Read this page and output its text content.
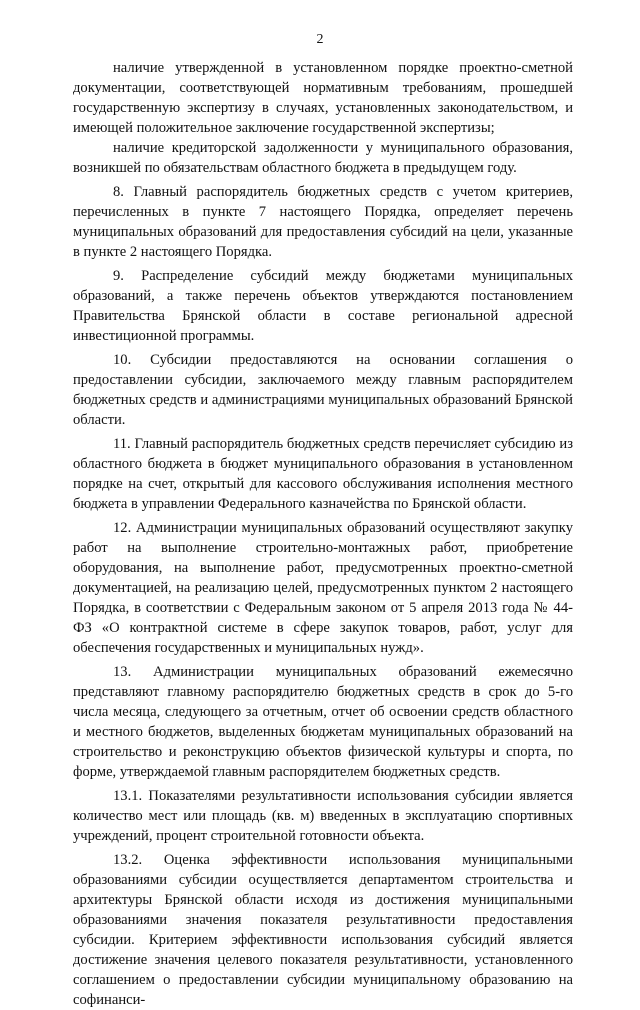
2

наличие утвержденной в установленном порядке проектно-сметной документации, соответствующей нормативным требованиям, прошедшей государственную экспертизу в случаях, установленных законодательством, и имеющей положительное заключение государственной экспертизы;

наличие кредиторской задолженности у муниципального образования, возникшей по обязательствам областного бюджета в предыдущем году.

8. Главный распорядитель бюджетных средств с учетом критериев, перечисленных в пункте 7 настоящего Порядка, определяет перечень муниципальных образований для предоставления субсидий на цели, указанные в пункте 2 настоящего Порядка.

9. Распределение субсидий между бюджетами муниципальных образований, а также перечень объектов утверждаются постановлением Правительства Брянской области в составе региональной адресной инвестиционной программы.

10. Субсидии предоставляются на основании соглашения о предоставлении субсидии, заключаемого между главным распорядителем бюджетных средств и администрациями муниципальных образований Брянской области.

11. Главный распорядитель бюджетных средств перечисляет субсидию из областного бюджета в бюджет муниципального образования в установленном порядке на счет, открытый для кассового обслуживания исполнения местного бюджета в управлении Федерального казначейства по Брянской области.

12. Администрации муниципальных образований осуществляют закупку работ на выполнение строительно-монтажных работ, приобретение оборудования, на выполнение работ, предусмотренных проектно-сметной документацией, на реализацию целей, предусмотренных пунктом 2 настоящего Порядка, в соответствии с Федеральным законом от 5 апреля 2013 года № 44-ФЗ «О контрактной системе в сфере закупок товаров, работ, услуг для обеспечения государственных и муниципальных нужд».

13. Администрации муниципальных образований ежемесячно представляют главному распорядителю бюджетных средств в срок до 5-го числа месяца, следующего за отчетным, отчет об освоении средств областного и местного бюджетов, выделенных бюджетам муниципальных образований на строительство и реконструкцию объектов физической культуры и спорта, по форме, утверждаемой главным распорядителем бюджетных средств.

13.1. Показателями результативности использования субсидии является количество мест или площадь (кв. м) введенных в эксплуатацию спортивных учреждений, процент строительной готовности объекта.

13.2. Оценка эффективности использования муниципальными образованиями субсидии осуществляется департаментом строительства и архитектуры Брянской области исходя из достижения муниципальными образованиями значения показателя результативности предоставления субсидии. Критерием эффективности использования субсидий является достижение значения целевого показателя результативности, установленного соглашением о предоставлении субсидии муниципальному образованию на софинанси-
